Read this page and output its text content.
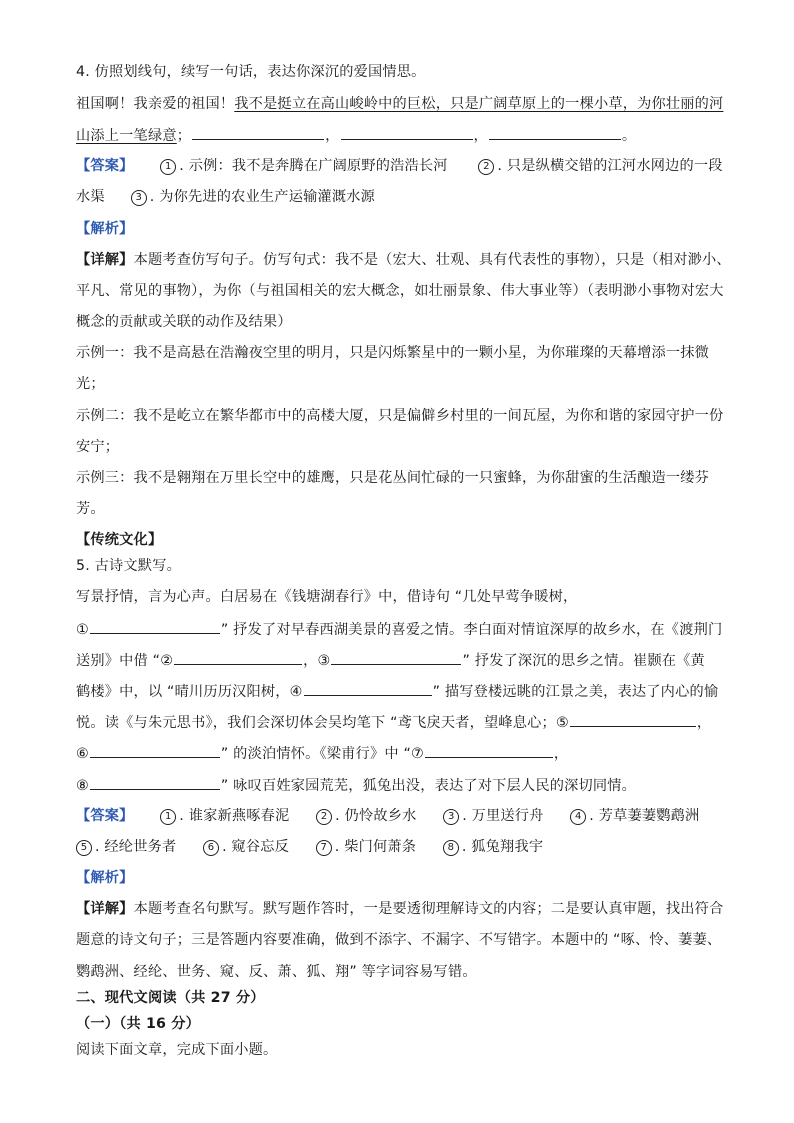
4. 仿照划线句，续写一句话，表达你深沉的爱国情思。
祖国啊！我亲爱的祖国！我不是挺立在高山峻岭中的巨松，只是广阔草原上的一棵小草，为你壮丽的河
山添上一笔绿意；	，	，	。
【答案】	1 . 示例：我不是奔腾在广阔原野的浩浩长河	2 . 只是纵横交错的江河水网边的一段
水渠	3 . 为你先进的农业生产运输灌溉水源
【解析】
【详解】本题考查仿写句子。仿写句式：我不是（宏大、壮观、具有代表性的事物），只是（相对渺小、
平凡、常见的事物），为你（与祖国相关的宏大概念，如壮丽景象、伟大事业等）（表明渺小事物对宏大
概念的贡献或关联的动作及结果）
示例一：我不是高悬在浩瀚夜空里的明月，只是闪烁繁星中的一颗小星，为你璀璨的天幕增添一抹微
光；
示例二：我不是屹立在繁华都市中的高楼大厦，只是偏僻乡村里的一间瓦屋，为你和谐的家园守护一份
安宁；
示例三：我不是翱翔在万里长空中的雄鹰，只是花丛间忙碌的一只蜜蜂，为你甜蜜的生活酿造一缕芬
芳。
【传统文化】
5. 古诗文默写。
写景抒情，言为心声。白居易在《钱塘湖春行》中，借诗句 “几处早莺争暖树，
①	” 抒发了对早春西湖美景的喜爱之情。李白面对情谊深厚的故乡水，在《渡荆门
送别》中借 “②	，③	” 抒发了深沉的思乡之情。崔颢在《黄
鹤楼》中，以 “晴川历历汉阳树，④	” 描写登楼远眺的江景之美，表达了内心的愉
悦。读《与朱元思书》，我们会深切体会吴均笔下 “鸢飞戾天者，望峰息心；⑤	，
⑥	” 的淡泊情怀。《梁甫行》中 “⑦	，
⑧	” 咏叹百姓家园荒芜，狐兔出没，表达了对下层人民的深切同情。
【答案】	1 . 谁家新燕啄春泥	2 . 仍怜故乡水	3 . 万里送行舟	4 . 芳草萋萋鹦鹉洲
5 . 经纶世务者	6 . 窥谷忘反	7 . 柴门何萧条	8 . 狐兔翔我宇
【解析】
【详解】本题考查名句默写。默写题作答时，一是要透彻理解诗文的内容；二是要认真审题，找出符合
题意的诗文句子；三是答题内容要准确，做到不添字、不漏字、不写错字。本题中的 “啄、怜、萋萋、
鹦鹉洲、经纶、世务、窥、反、萧、狐、翔” 等字词容易写错。
二、现代文阅读（共 27 分）
（一）（共 16 分）
阅读下面文章，完成下面小题。
